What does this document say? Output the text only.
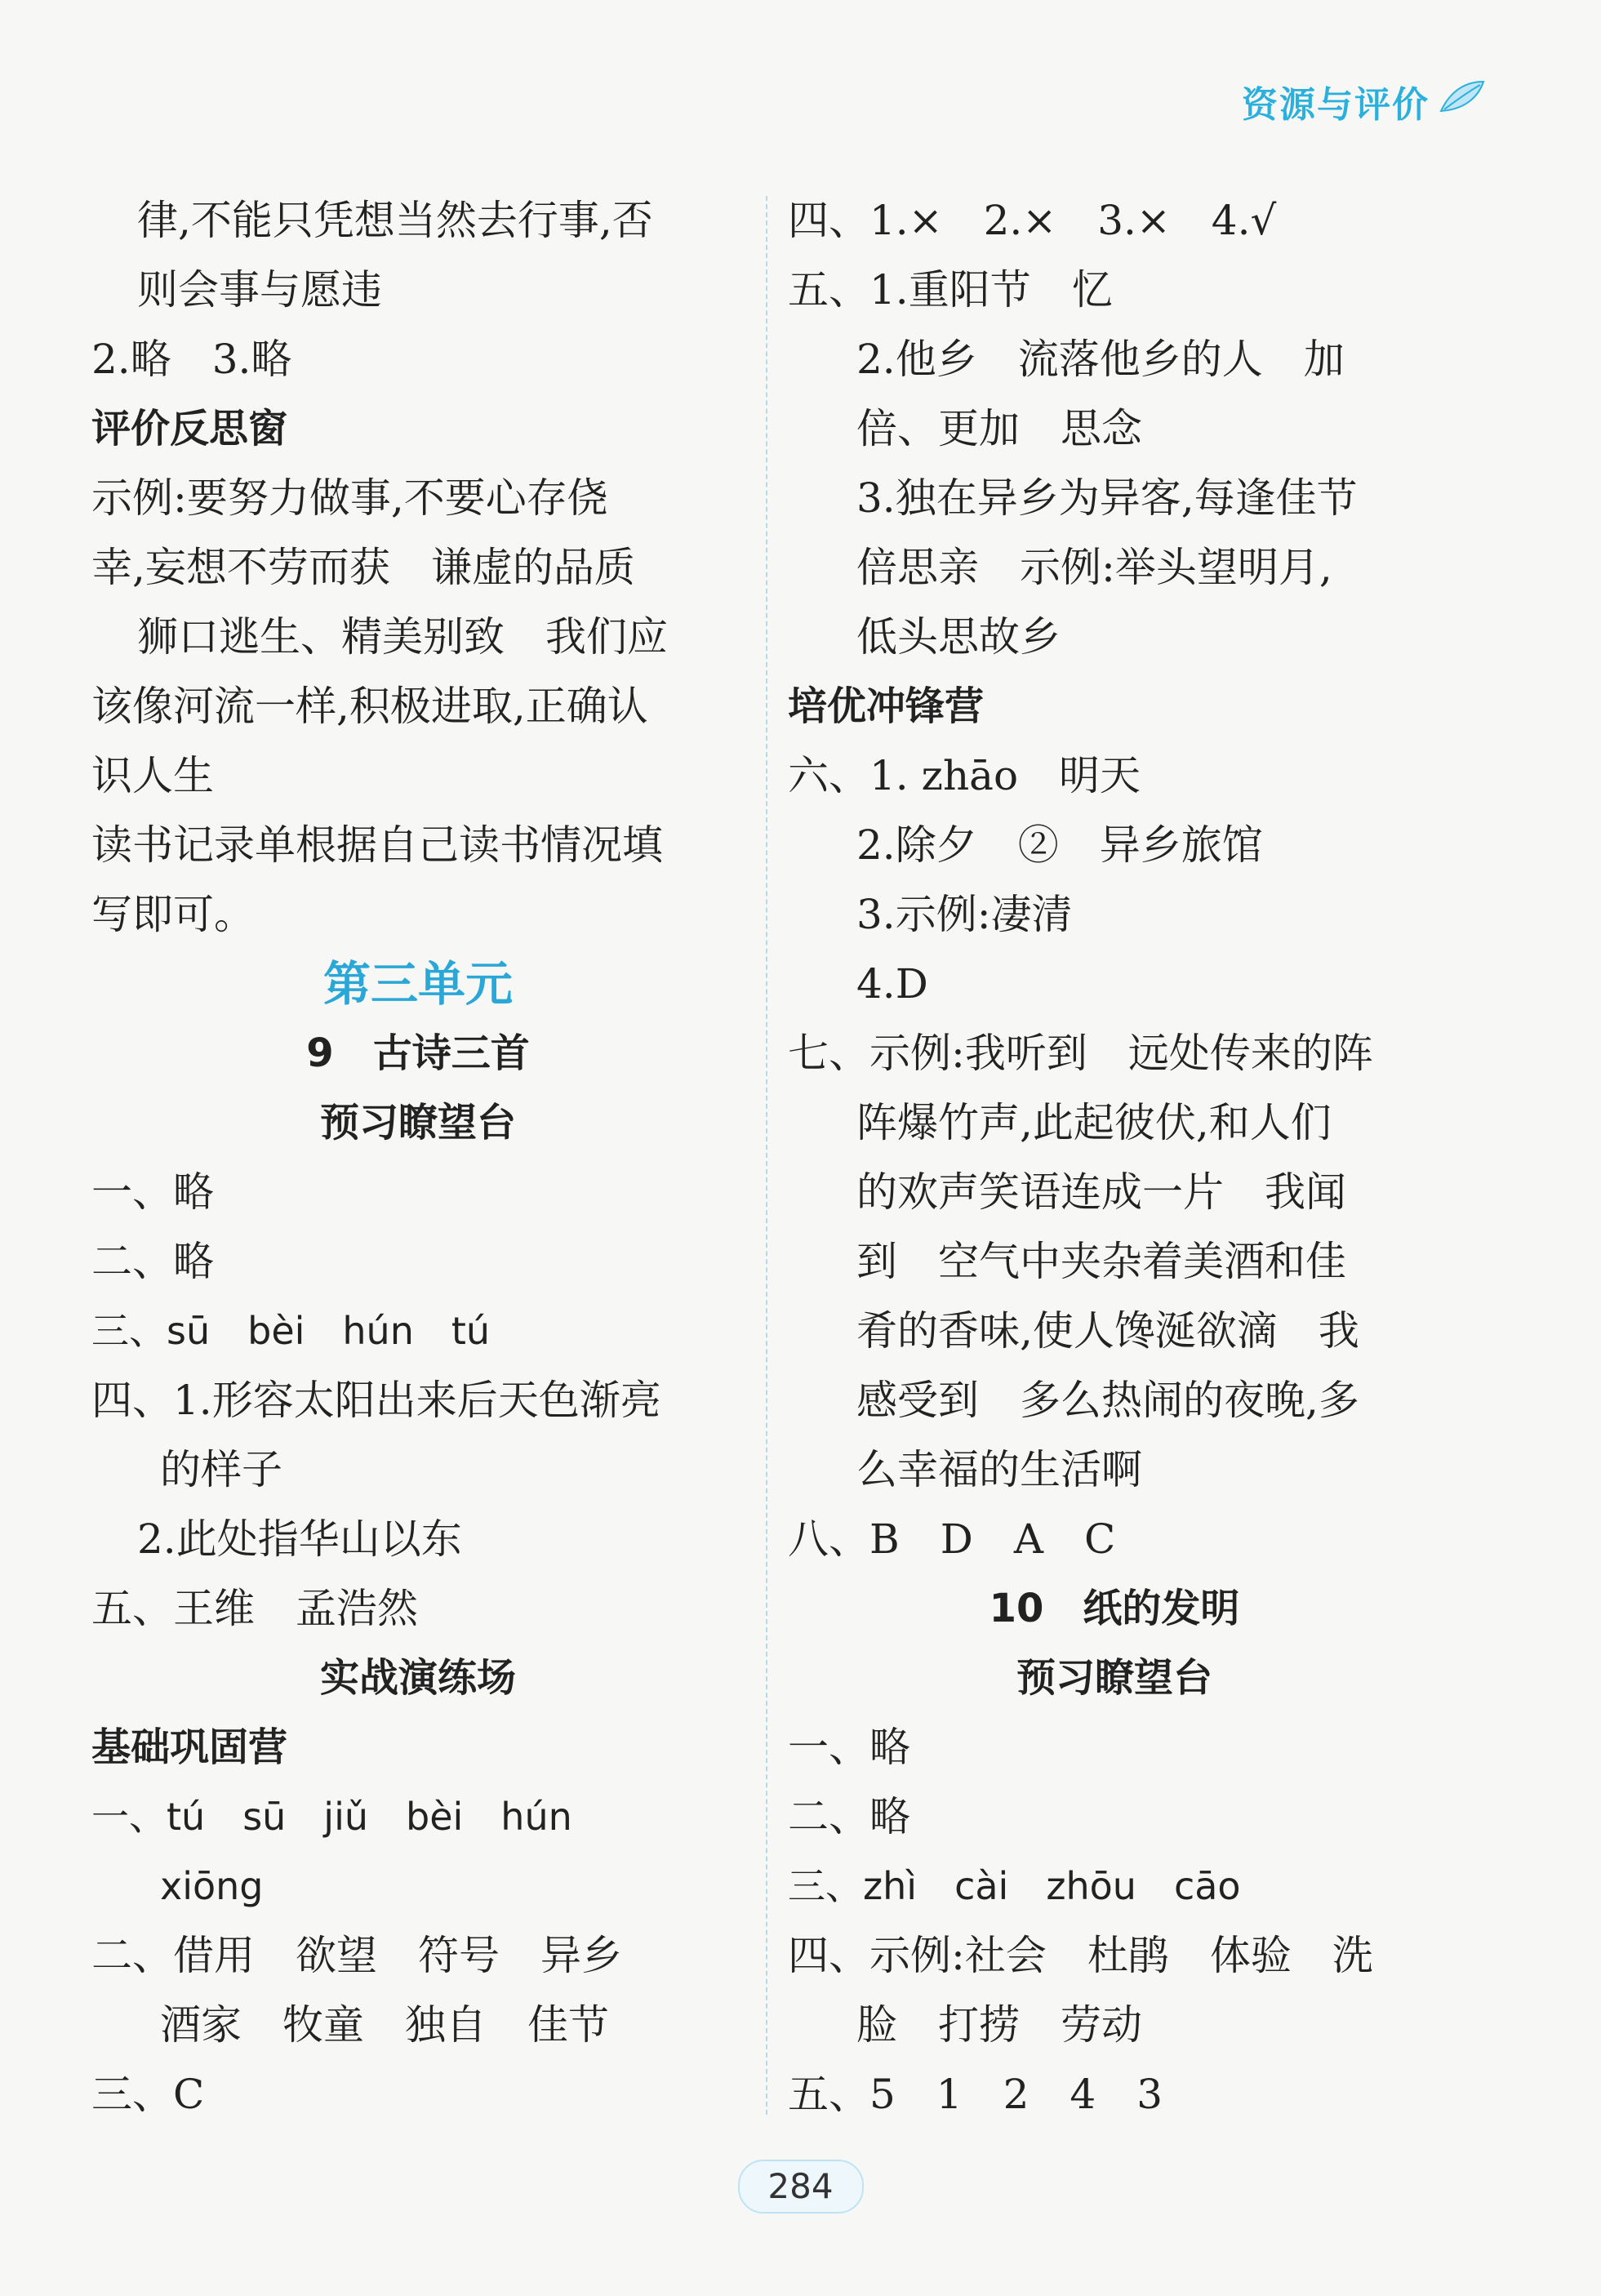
资源与评价
律,不能只凭想当然去行事,否
则会事与愿违
2.略　3.略
评价反思窗
示例:要努力做事,不要心存侥
幸,妄想不劳而获　谦虚的品质
狮口逃生、精美别致　我们应
该像河流一样,积极进取,正确认
识人生
读书记录单根据自己读书情况填
写即可。
第三单元
9　古诗三首
预习瞭望台
一、略
二、略
三、sū　bèi　hún　tú
四、1.形容太阳出来后天色渐亮
的样子
2.此处指华山以东
五、王维　孟浩然
实战演练场
基础巩固营
一、tú　sū　jiǔ　bèi　hún
xiōng
二、借用　欲望　符号　异乡
酒家　牧童　独自　佳节
三、C
四、1.×　2.×　3.×　4.√
五、1.重阳节　忆
2.他乡　流落他乡的人　加
倍、更加　思念
3.独在异乡为异客,每逢佳节
倍思亲　示例:举头望明月,
低头思故乡
培优冲锋营
六、1. zhāo　明天
2.除夕　②　异乡旅馆
3.示例:凄清
4.D
七、示例:我听到　远处传来的阵
阵爆竹声,此起彼伏,和人们
的欢声笑语连成一片　我闻
到　空气中夹杂着美酒和佳
肴的香味,使人馋涎欲滴　我
感受到　多么热闹的夜晚,多
么幸福的生活啊
八、B　D　A　C
10　纸的发明
预习瞭望台
一、略
二、略
三、zhì　cài　zhōu　cāo
四、示例:社会　杜鹃　体验　洗
脸　打捞　劳动
五、5　1　2　4　3
284
